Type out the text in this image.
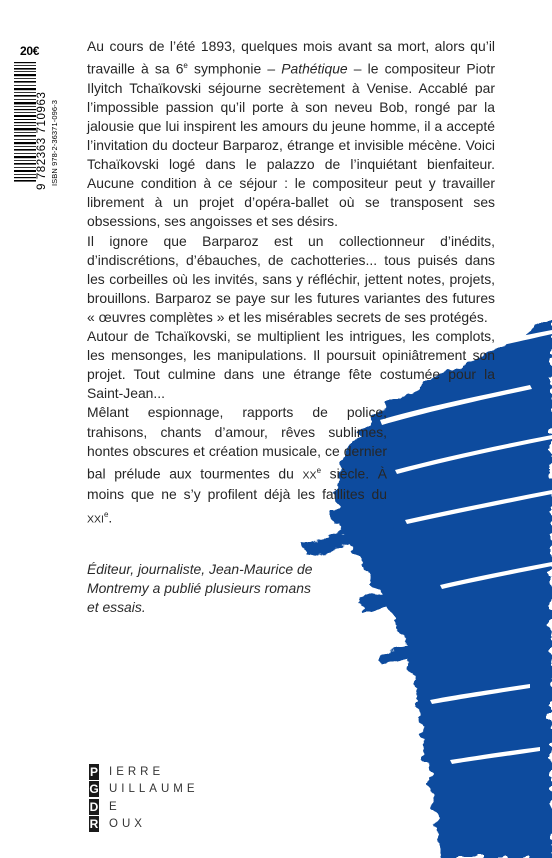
20€
9 782363 710963 ISBN 978-2-36371-096-3

Au cours de l’été 1893, quelques mois avant sa mort, alors qu’il travaille à sa 6e symphonie – Pathétique – le compositeur Piotr Ilyitch Tchaïkovski séjourne secrètement à Venise. Accablé par l’impossible passion qu’il porte à son neveu Bob, rongé par la jalousie que lui inspirent les amours du jeune homme, il a accepté l’invitation du docteur Barparoz, étrange et invisible mécène. Voici Tchaïkovski logé dans le palazzo de l’inquiétant bienfaiteur. Aucune condition à ce séjour : le compositeur peut y travailler librement à un projet d’opéra-ballet où se transposent ses obsessions, ses angoisses et ses désirs.

Il ignore que Barparoz est un collectionneur d’inédits, d’indiscrétions, d’ébauches, de cachotteries... tous puisés dans les corbeilles où les invités, sans y réfléchir, jettent notes, projets, brouillons. Barparoz se paye sur les futures variantes des futures « œuvres complètes » et les misérables secrets de ses protégés.

Autour de Tchaïkovski, se multiplient les intrigues, les complots, les mensonges, les manipulations. Il poursuit opiniâtrement son projet. Tout culmine dans une étrange fête costumée pour la Saint-Jean...

Mêlant espionnage, rapports de police, trahisons, chants d’amour, rêves sublimes, hontes obscures et création musicale, ce dernier bal prélude aux tourmentes du XXe siècle. À moins que ne s’y profilent déjà les faillites du XXIe.

Éditeur, journaliste, Jean-Maurice de Montremy a publié plusieurs romans et essais.
P IERRE
G UILLAUME
D E
R OUX
